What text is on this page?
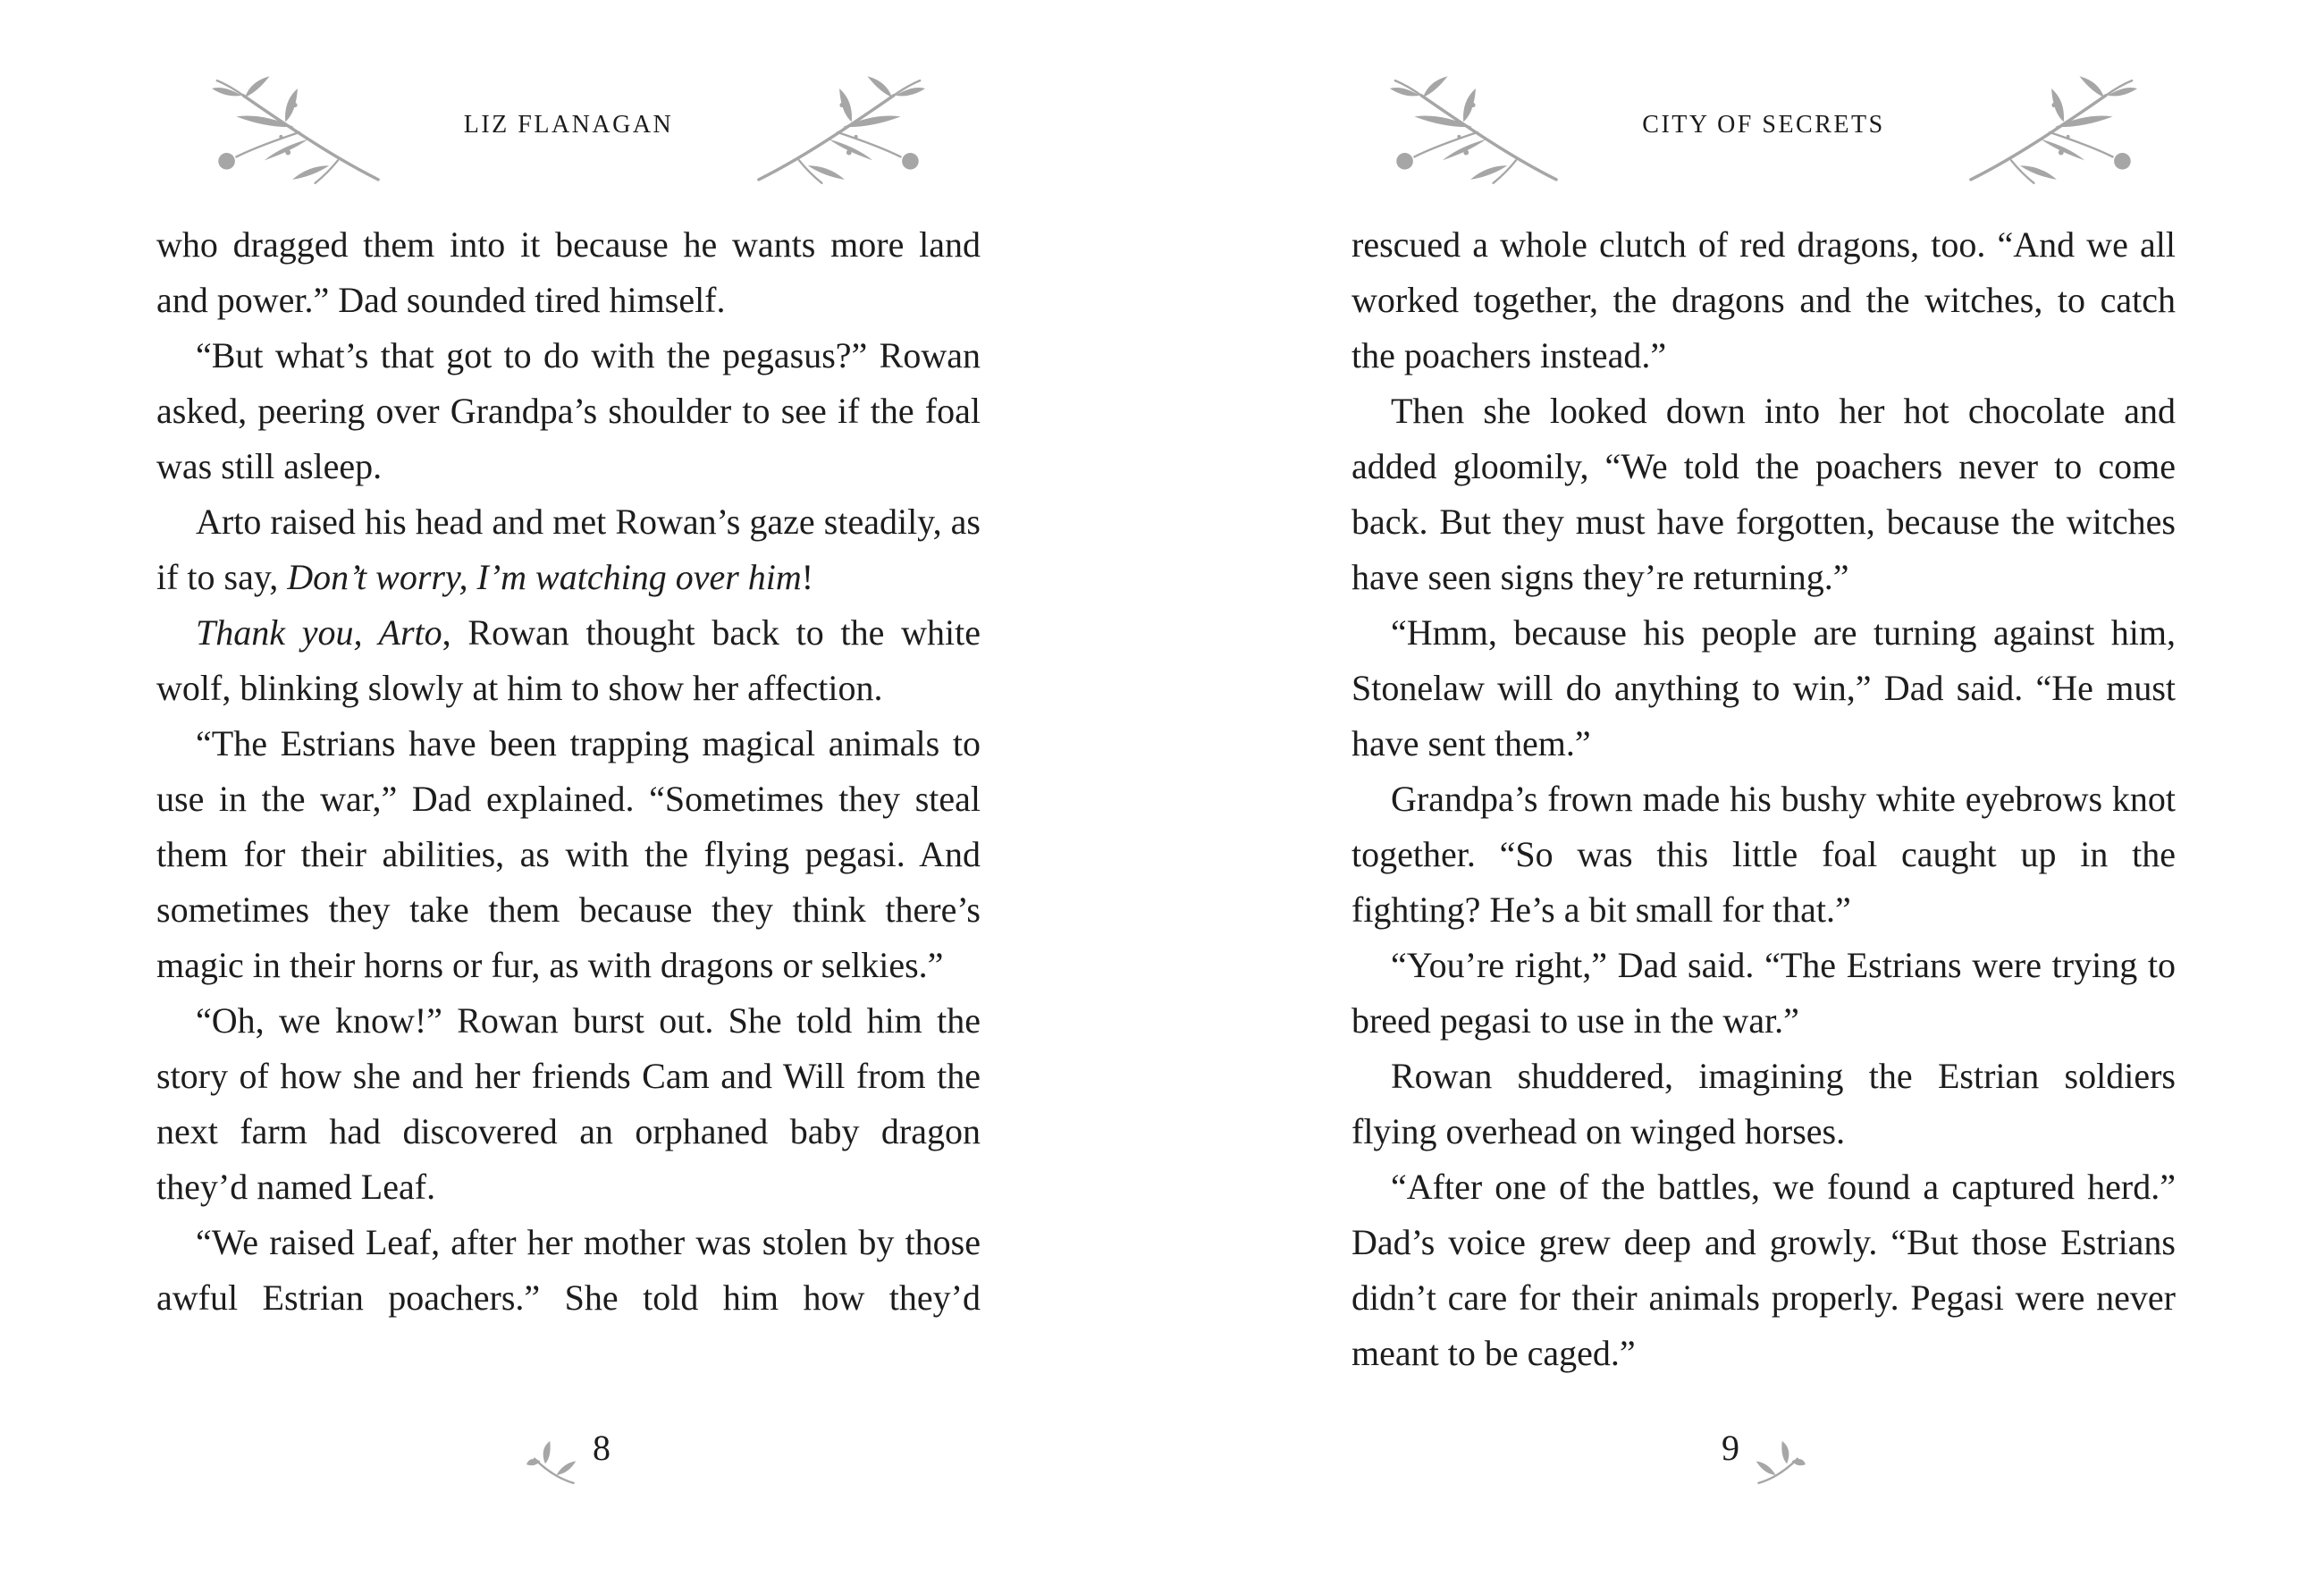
LIZ FLANAGAN

who dragged them into it because he wants more land and power.” Dad sounded tired himself.

“But what’s that got to do with the pegasus?” Rowan asked, peering over Grandpa’s shoulder to see if the foal was still asleep.

Arto raised his head and met Rowan’s gaze steadily, as if to say, Don’t worry, I’m watching over him!

Thank you, Arto, Rowan thought back to the white wolf, blinking slowly at him to show her affection.

“The Estrians have been trapping magical animals to use in the war,” Dad explained. “Sometimes they steal them for their abilities, as with the flying pegasi. And sometimes they take them because they think there’s magic in their horns or fur, as with dragons or selkies.”

“Oh, we know!” Rowan burst out. She told him the story of how she and her friends Cam and Will from the next farm had discovered an orphaned baby dragon they’d named Leaf.

“We raised Leaf, after her mother was stolen by those awful Estrian poachers.” She told him how they’d

8
CITY OF SECRETS

rescued a whole clutch of red dragons, too. “And we all worked together, the dragons and the witches, to catch the poachers instead.”

Then she looked down into her hot chocolate and added gloomily, “We told the poachers never to come back. But they must have forgotten, because the witches have seen signs they’re returning.”

“Hmm, because his people are turning against him, Stonelaw will do anything to win,” Dad said. “He must have sent them.”

Grandpa’s frown made his bushy white eyebrows knot together. “So was this little foal caught up in the fighting? He’s a bit small for that.”

“You’re right,” Dad said. “The Estrians were trying to breed pegasi to use in the war.”

Rowan shuddered, imagining the Estrian soldiers flying overhead on winged horses.

“After one of the battles, we found a captured herd.” Dad’s voice grew deep and growly. “But those Estrians didn’t care for their animals properly. Pegasi were never meant to be caged.”

9
